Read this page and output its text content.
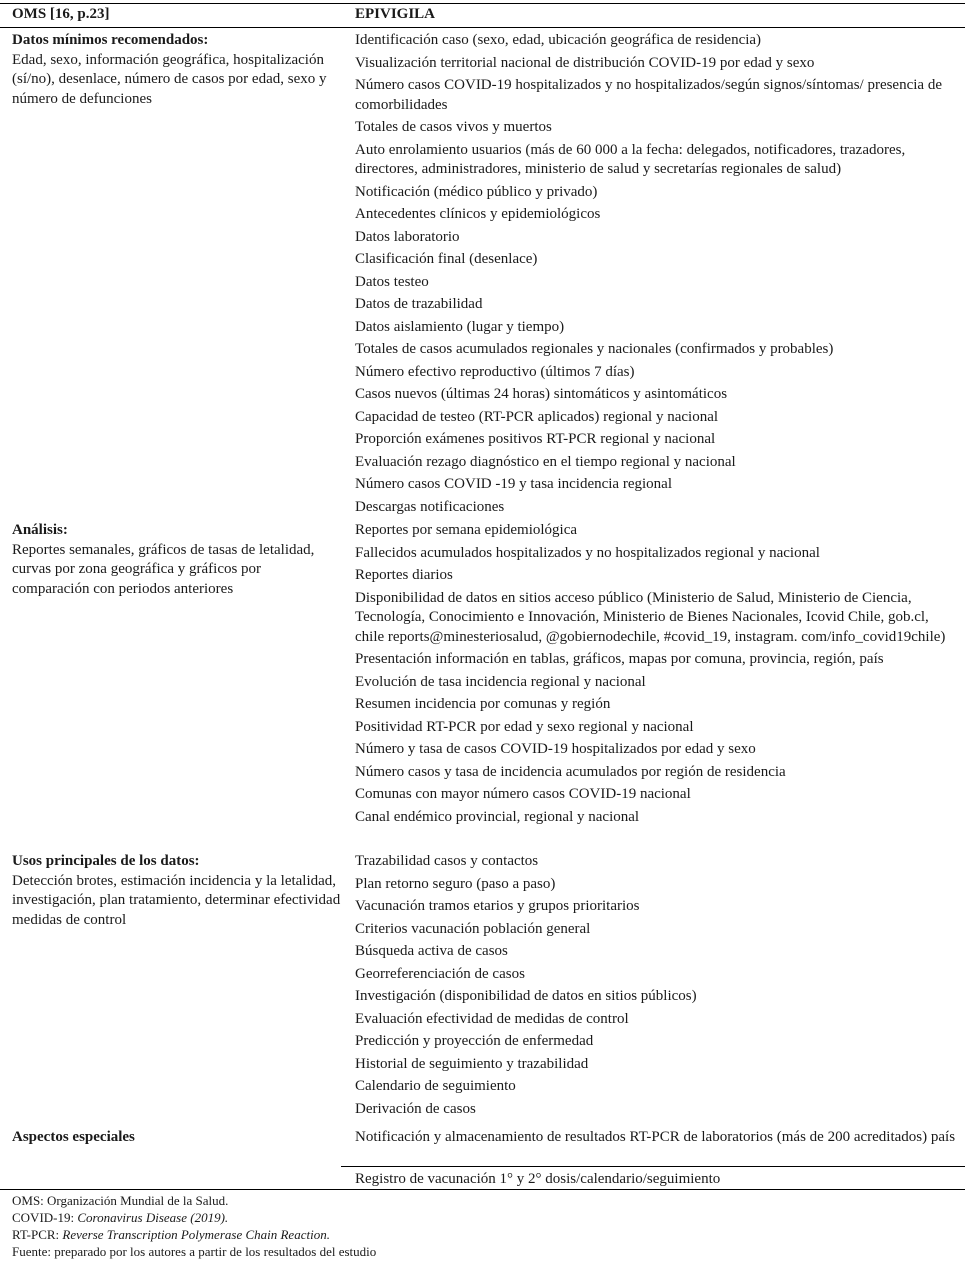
OMS [16, p.23]	EPIVIGILA
Datos mínimos recomendados:
Edad, sexo, información geográfica, hospitalización (sí/no), desenlace, número de casos por edad, sexo y número de defunciones

Identificación caso (sexo, edad, ubicación geográfica de residencia)

Visualización territorial nacional de distribución COVID-19 por edad y sexo

Número casos COVID-19 hospitalizados y no hospitalizados/según signos/síntomas/ presencia de comorbilidades

Totales de casos vivos y muertos

Auto enrolamiento usuarios (más de 60 000 a la fecha: delegados, notificadores, trazadores, directores, administradores, ministerio de salud y secretarías regionales de salud)

Notificación (médico público y privado)

Antecedentes clínicos y epidemiológicos

Datos laboratorio

Clasificación final (desenlace)

Datos testeo

Datos de trazabilidad

Datos aislamiento (lugar y tiempo)

Totales de casos acumulados regionales y nacionales (confirmados y probables)

Número efectivo reproductivo (últimos 7 días)

Casos nuevos (últimas 24 horas) sintomáticos y asintomáticos

Capacidad de testeo (RT-PCR aplicados) regional y nacional

Proporción exámenes positivos RT-PCR regional y nacional

Evaluación rezago diagnóstico en el tiempo regional y nacional

Número casos COVID -19 y tasa incidencia regional

Descargas notificaciones

Análisis:
Reportes semanales, gráficos de tasas de letalidad, curvas por zona geográfica y gráficos por comparación con periodos anteriores

Reportes por semana epidemiológica

Fallecidos acumulados hospitalizados y no hospitalizados regional y nacional

Reportes diarios

Disponibilidad de datos en sitios acceso público (Ministerio de Salud, Ministerio de Ciencia, Tecnología, Conocimiento e Innovación, Ministerio de Bienes Nacionales, Icovid Chile, gob.cl, chile reports@minesteriosalud, @gobiernodechile, #covid_19, instagram. com/info_covid19chile)

Presentación información en tablas, gráficos, mapas por comuna, provincia, región, país

Evolución de tasa incidencia regional y nacional

Resumen incidencia por comunas y región

Positividad RT-PCR por edad y sexo regional y nacional

Número y tasa de casos COVID-19 hospitalizados por edad y sexo

Número casos y tasa de incidencia acumulados por región de residencia

Comunas con mayor número casos COVID-19 nacional

Canal endémico provincial, regional y nacional

Usos principales de los datos:
Detección brotes, estimación incidencia y la letalidad, investigación, plan tratamiento, determinar efectividad medidas de control

Trazabilidad casos y contactos

Plan retorno seguro (paso a paso)

Vacunación tramos etarios y grupos prioritarios

Criterios vacunación población general

Búsqueda activa de casos

Georreferenciación de casos

Investigación (disponibilidad de datos en sitios públicos)

Evaluación efectividad de medidas de control

Predicción y proyección de enfermedad

Historial de seguimiento y trazabilidad

Calendario de seguimiento

Derivación de casos

Aspectos especiales	Notificación y almacenamiento de resultados RT-PCR de laboratorios (más de 200 acreditados) país

Registro de vacunación 1° y 2° dosis/calendario/seguimiento

OMS: Organización Mundial de la Salud.
COVID-19: Coronavirus Disease (2019).
RT-PCR: Reverse Transcription Polymerase Chain Reaction.
Fuente: preparado por los autores a partir de los resultados del estudio
